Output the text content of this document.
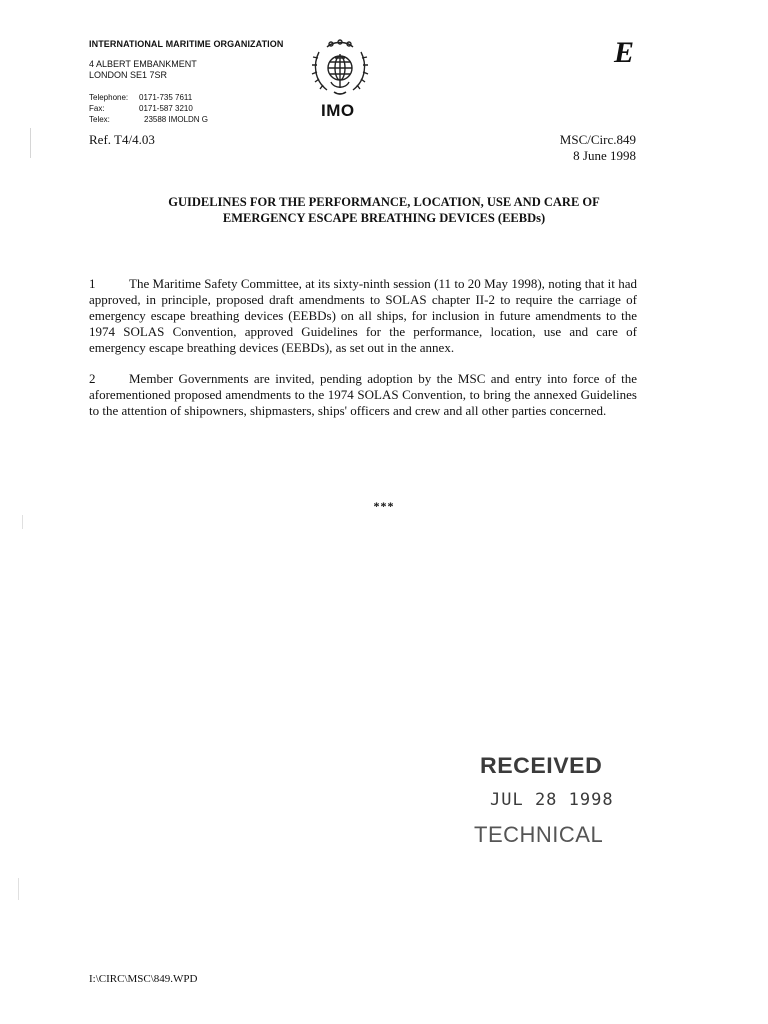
INTERNATIONAL MARITIME ORGANIZATION
4 ALBERT EMBANKMENT
LONDON SE1 7SR
Telephone: 0171-735 7611
Fax:	0171-587 3210
Telex:	23588 IMOLDN G	IMO
E
Ref. T4/4.03	MSC/Circ.849
8 June 1998
GUIDELINES FOR THE PERFORMANCE, LOCATION, USE AND CARE OF
EMERGENCY ESCAPE BREATHING DEVICES (EEBDs)
1	The Maritime Safety Committee, at its sixty-ninth session (11 to 20 May 1998), noting that it had approved, in principle, proposed draft amendments to SOLAS chapter II-2 to require the carriage of emergency escape breathing devices (EEBDs) on all ships, for inclusion in future amendments to the 1974 SOLAS Convention, approved Guidelines for the performance, location, use and care of emergency escape breathing devices (EEBDs), as set out in the annex.
2	Member Governments are invited, pending adoption by the MSC and entry into force of the aforementioned proposed amendments to the 1974 SOLAS Convention, to bring the annexed Guidelines to the attention of shipowners, shipmasters, ships' officers and crew and all other parties concerned.
***
RECEIVED
JUL 28 1998
TECHNICAL
I:\CIRC\MSC\849.WPD
